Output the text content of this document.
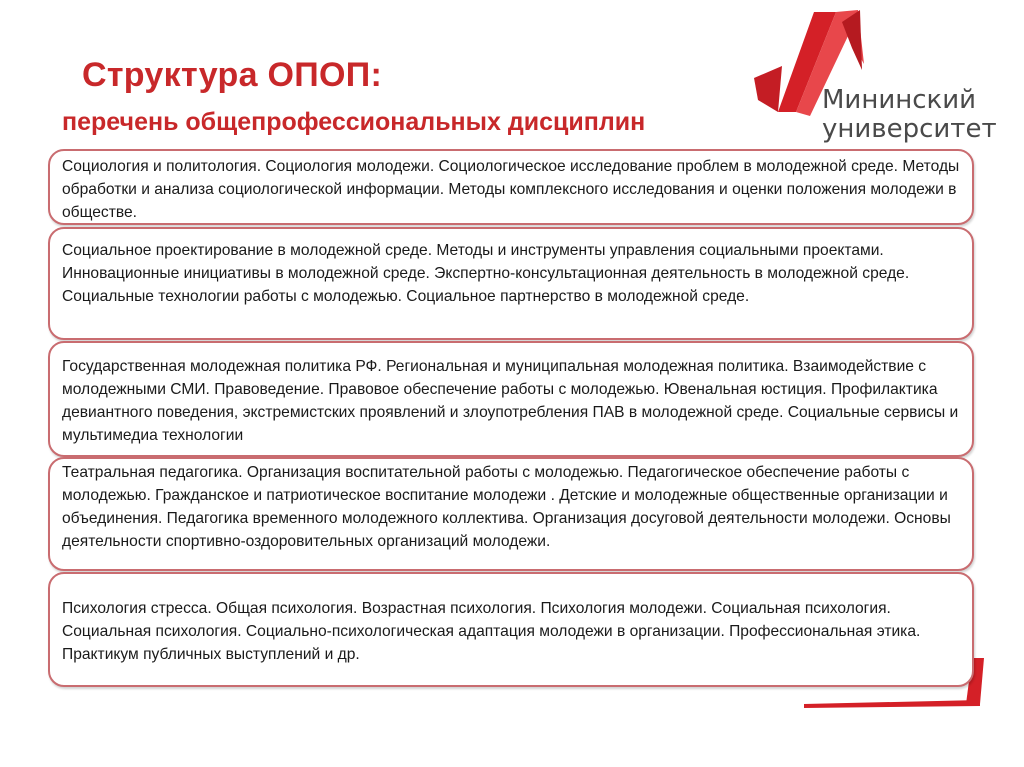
Структура ОПОП:
перечень общепрофессиональных дисциплин
Мининский
университет
Социология и политология. Социология молодежи. Социологическое исследование проблем в молодежной среде. Методы обработки и анализа социологической информации. Методы комплексного исследования и оценки положения молодежи в обществе.
Социальное проектирование в молодежной среде. Методы и инструменты управления социальными проектами. Инновационные инициативы в молодежной среде. Экспертно-консультационная деятельность в молодежной среде. Социальные технологии работы с молодежью. Социальное партнерство в молодежной среде.
Государственная молодежная политика РФ. Региональная и муниципальная молодежная политика. Взаимодействие с молодежными СМИ. Правоведение. Правовое обеспечение работы с молодежью. Ювенальная юстиция. Профилактика девиантного поведения, экстремистских проявлений и злоупотребления ПАВ в молодежной среде. Социальные сервисы и мультимедиа технологии
Театральная педагогика. Организация воспитательной работы с молодежью. Педагогическое обеспечение работы с молодежью. Гражданское и патриотическое воспитание молодежи . Детские и молодежные общественные организации и объединения. Педагогика временного молодежного коллектива. Организация досуговой деятельности молодежи. Основы деятельности спортивно-оздоровительных организаций молодежи.
Психология стресса. Общая психология. Возрастная психология. Психология молодежи. Социальная психология. Социальная психология. Социально-психологическая адаптация молодежи в организации. Профессиональная этика. Практикум публичных выступлений и др.
